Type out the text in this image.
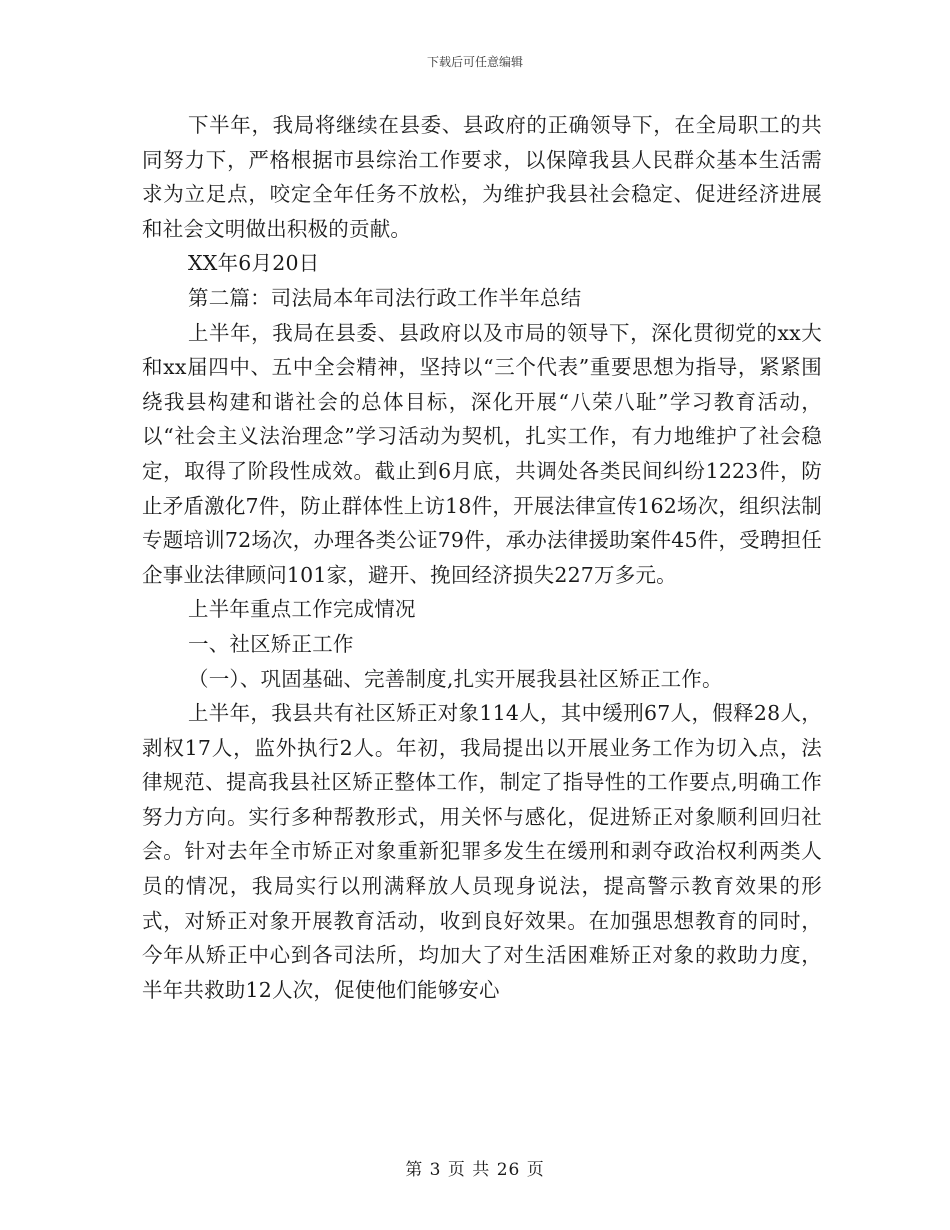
下载后可任意编辑

下半年，我局将继续在县委、县政府的正确领导下，在全局职工的共同努力下，严格根据市县综治工作要求，以保障我县人民群众基本生活需求为立足点，咬定全年任务不放松，为维护我县社会稳定、促进经济进展和社会文明做出积极的贡献。

XX年6月20日

第二篇：司法局本年司法行政工作半年总结

上半年，我局在县委、县政府以及市局的领导下，深化贯彻党的xx大和xx届四中、五中全会精神，坚持以“三个代表”重要思想为指导，紧紧围绕我县构建和谐社会的总体目标，深化开展“八荣八耻”学习教育活动，以“社会主义法治理念”学习活动为契机，扎实工作，有力地维护了社会稳定，取得了阶段性成效。截止到6月底，共调处各类民间纠纷1223件，防止矛盾激化7件，防止群体性上访18件，开展法律宣传162场次，组织法制专题培训72场次，办理各类公证79件，承办法律援助案件45件，受聘担任企事业法律顾问101家，避开、挽回经济损失227万多元。

上半年重点工作完成情况

一、社区矫正工作

（一）、巩固基础、完善制度,扎实开展我县社区矫正工作。

上半年，我县共有社区矫正对象114人，其中缓刑67人，假释28人，剥权17人，监外执行2人。年初，我局提出以开展业务工作为切入点，法律规范、提高我县社区矫正整体工作，制定了指导性的工作要点,明确工作努力方向。实行多种帮教形式，用关怀与感化，促进矫正对象顺利回归社会。针对去年全市矫正对象重新犯罪多发生在缓刑和剥夺政治权利两类人员的情况，我局实行以刑满释放人员现身说法，提高警示教育效果的形式，对矫正对象开展教育活动，收到良好效果。在加强思想教育的同时，今年从矫正中心到各司法所，均加大了对生活困难矫正对象的救助力度，半年共救助12人次，促使他们能够安心

第 3 页 共 26 页
